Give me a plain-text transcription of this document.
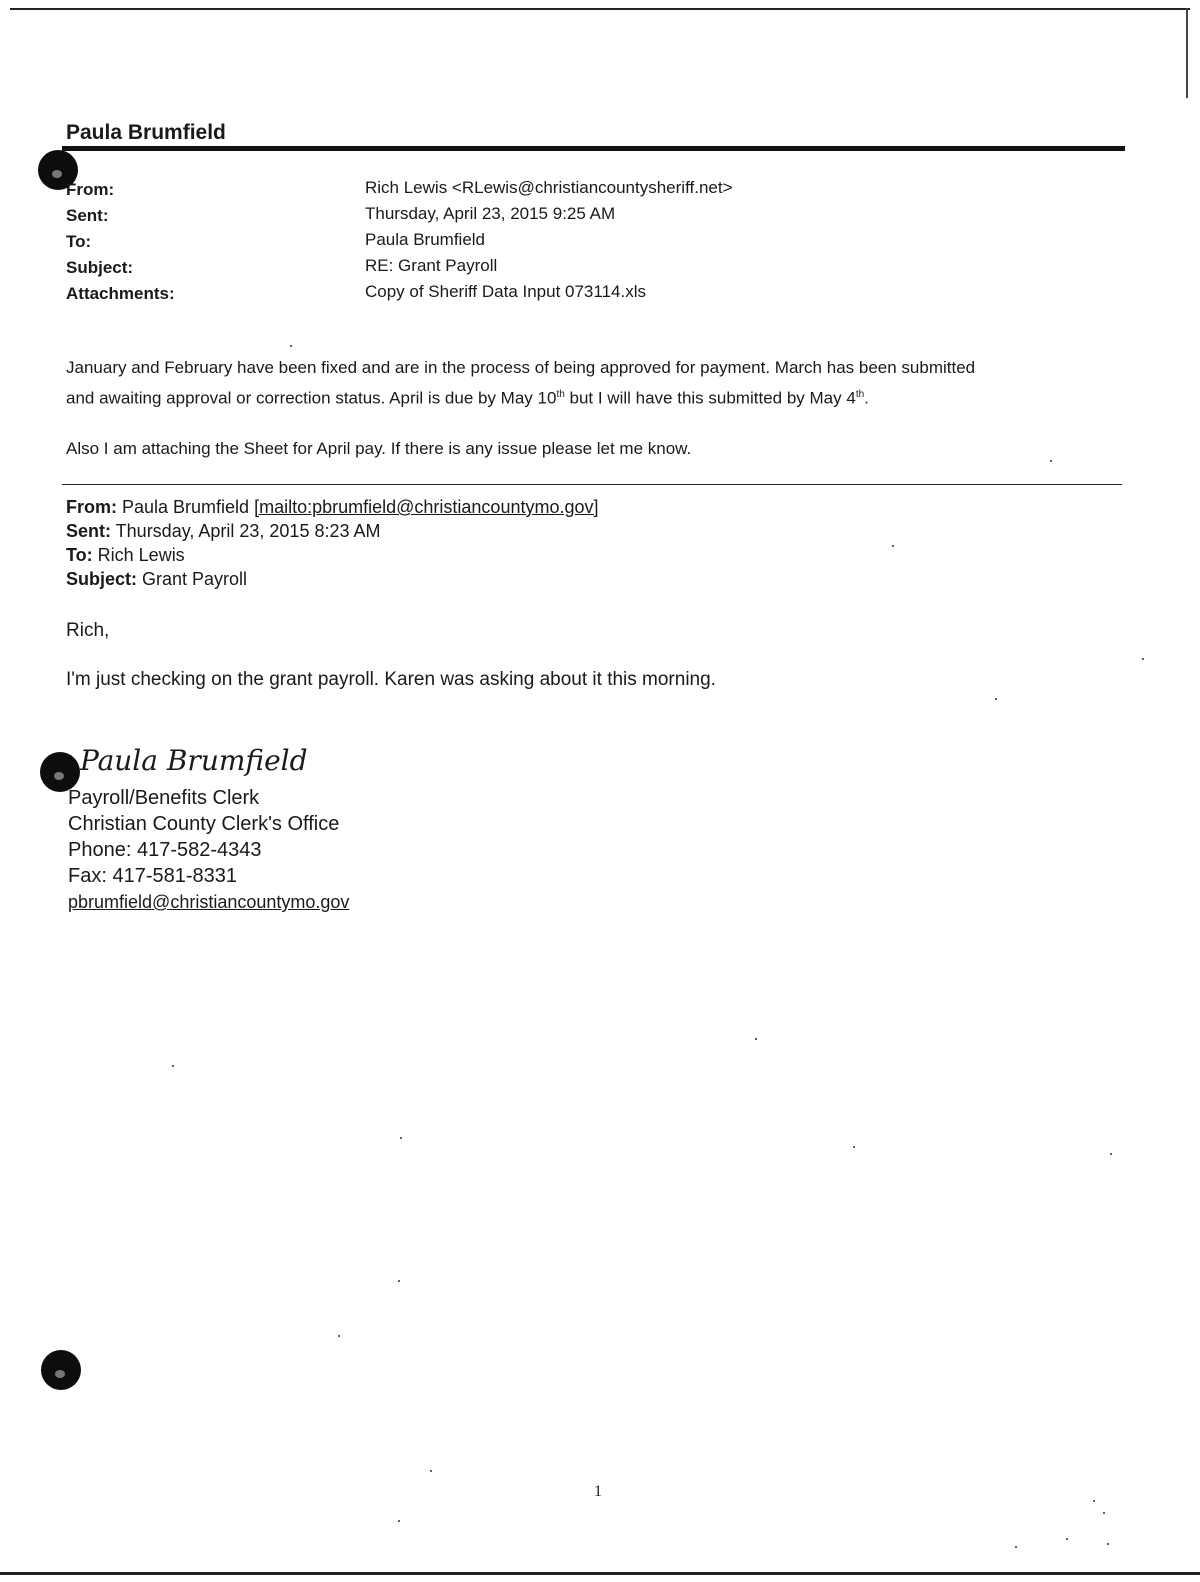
Paula Brumfield
From:	Rich Lewis <RLewis@christiancountysheriff.net>
Sent:	Thursday, April 23, 2015 9:25 AM
To:	Paula Brumfield
Subject:	RE: Grant Payroll
Attachments:	Copy of Sheriff Data Input 073114.xls
January and February have been fixed and are in the process of being approved for payment. March has been submitted
and awaiting approval or correction status. April is due by May 10th but I will have this submitted by May 4th.
Also I am attaching the Sheet for April pay. If there is any issue please let me know.
From: Paula Brumfield [mailto:pbrumfield@christiancountymo.gov]
Sent: Thursday, April 23, 2015 8:23 AM
To: Rich Lewis
Subject: Grant Payroll
Rich,
I'm just checking on the grant payroll. Karen was asking about it this morning.
Paula Brumfield
Payroll/Benefits Clerk
Christian County Clerk's Office
Phone: 417-582-4343
Fax: 417-581-8331
pbrumfield@christiancountymo.gov
1
